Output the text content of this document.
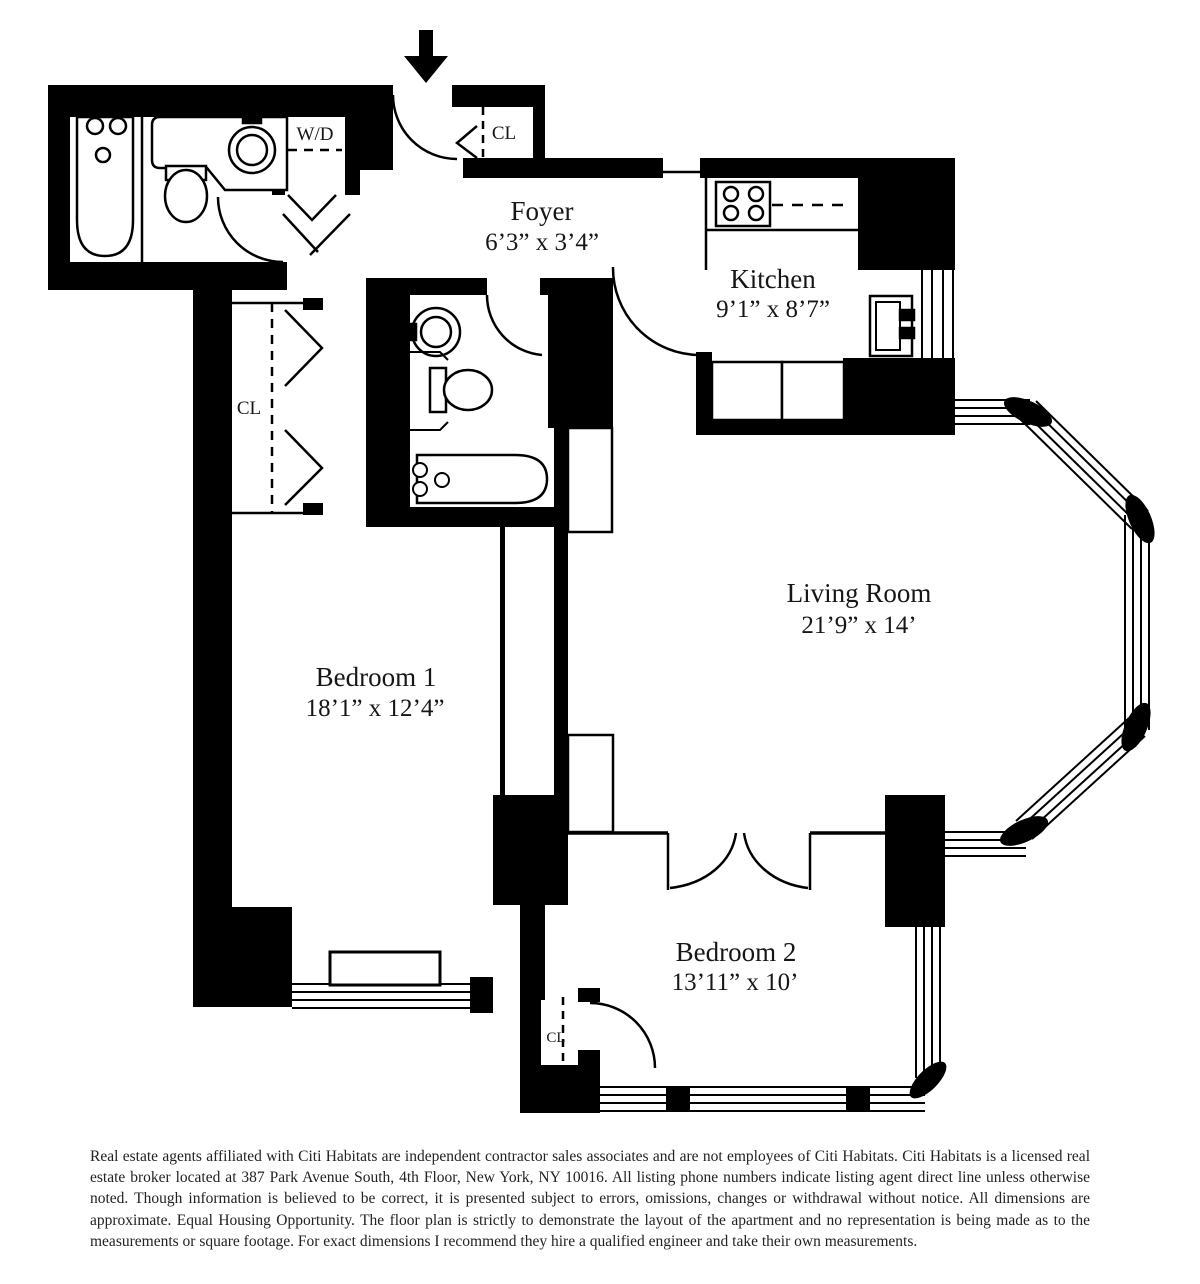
Foyer
6’3” x 3’4”
Kitchen
9’1” x 8’7”
Living Room
21’9” x 14’
Bedroom 1
18’1” x 12’4”
Bedroom 2
13’11” x 10’
CL
CL
CL
W/D
Real estate agents affiliated with Citi Habitats are independent contractor sales associates and are not employees of Citi Habitats. Citi Habitats is a licensed real estate broker located at 387 Park Avenue South, 4th Floor, New York, NY 10016. All listing phone numbers indicate listing agent direct line unless otherwise noted. Though information is believed to be correct, it is presented subject to errors, omissions, changes or withdrawal without notice. All dimensions are approximate. Equal Housing Opportunity. The floor plan is strictly to demonstrate the layout of the apartment and no representation is being made as to the measurements or square footage. For exact dimensions I recommend they hire a qualified engineer and take their own measurements.
